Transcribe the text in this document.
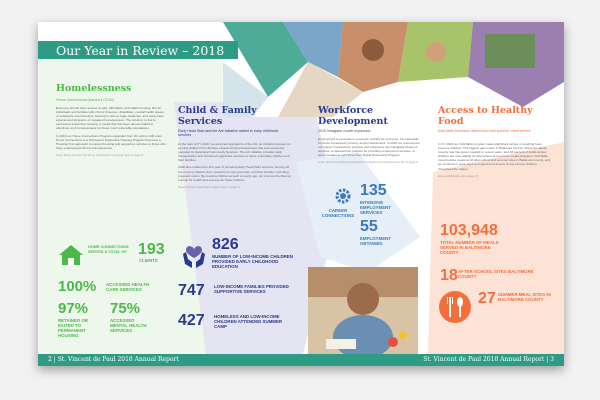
Our Year in Review – 2018
Homelessness
Home Connections (started in 2016)

Everyone should have access to safe, affordable, and stable housing. But for individuals and families with chronic illnesses, disabilities, mental health issues, or substance use disorders, housing is often a huge challenge, and many have experienced long-term or repeated homelessness. The solution: to link to permanent supportive housing, a model that has been demonstrated to effectively end homelessness for these most vulnerable populations.

In 2018 our Home Connections Program expanded from 40 units to 108 units. Home Connections is a Permanent Supportive Housing Program that uses a Housing First approach to expand housing and supportive services to those who have experienced chronic homelessness.

Learn about how we'll be Home Connections as giving back on page 6.
HOME CONNECTIONS SERVED A TOTAL OF 193
CLIENTS
100% ACCESSED HEALTH CARE SERVICES
97%
RETAINED OR EXITED TO PERMANENT HOUSING
75%
ACCESSED MENTAL HEALTH SERVICES
Child & Family Services
Early Head Start and the Ark Initiative added to early childhood services

At the start of FY 2018, we assumed operations of the Ark, an initiative focused on serving children from families experiencing homelessness that was previously operated by Episcopal Community Services. The Ark initiative provides daily transportation and enhanced supportive services to these vulnerable children and their families.

2018 also marked the first year of providing Early Head Start services, serving 18 low-income children from newborns to two-year-olds, and their families, including pregnant moms. By meeting children at such an early age, we improve the lifelong outlook for health and success for these children.

Read a former Head Start student story on page 1
826
NUMBER OF LOW-INCOME CHILDREN PROVIDED EARLY CHILDHOOD EDUCATION
747 LOW-INCOME FAMILIES PROVIDED SUPPORTIVE SERVICES
427 HOMELESS AND LOW-INCOME CHILDREN ATTENDED SUMMER CAMP
Workforce Development
2018 Navigator model expansion

Employment is essential to economic mobility for everyone, but especially for those impacted by poverty and homelessness. In 2018 we restructured our Career Connections program and adopted a new Navigator Model of services, a national best practice for providing employment services, to serve families in our Home Door Rapid Rehousing Program.

Learn how our workforce development program has transformed a life on page 8.
CAREER CONNECTIONS
135
INTENSIVE EMPLOYMENT SERVICES
55
EMPLOYMENT OBTAINED
Access to Healthy Food
KidsTable increases afterschool and summer meal service

In FY 2018 our KidsTable program made significant strides in reaching food-insecure children. The biggest game-term in Baltimore County, where the family poverty rate has grown steadily in recent years, and 43 percent of public-school children are now eligible for afterschool and summer meals programs. KidsTable now provides meals at 18 after-school and summer sites in Baltimore County, and we continue to seek ways to expand food access to low-income children throughout the region.

Meet a KidsTable client (page 7)
103,948
TOTAL NUMBER OF MEALS SERVED IN BALTIMORE COUNTY
18 AFTER-SCHOOL SITES BALTIMORE COUNTY
27 SUMMER MEAL SITES IN BALTIMORE COUNTY
2 | St. Vincent de Paul 2018 Annual Report	St. Vincent de Paul 2018 Annual Report | 3
